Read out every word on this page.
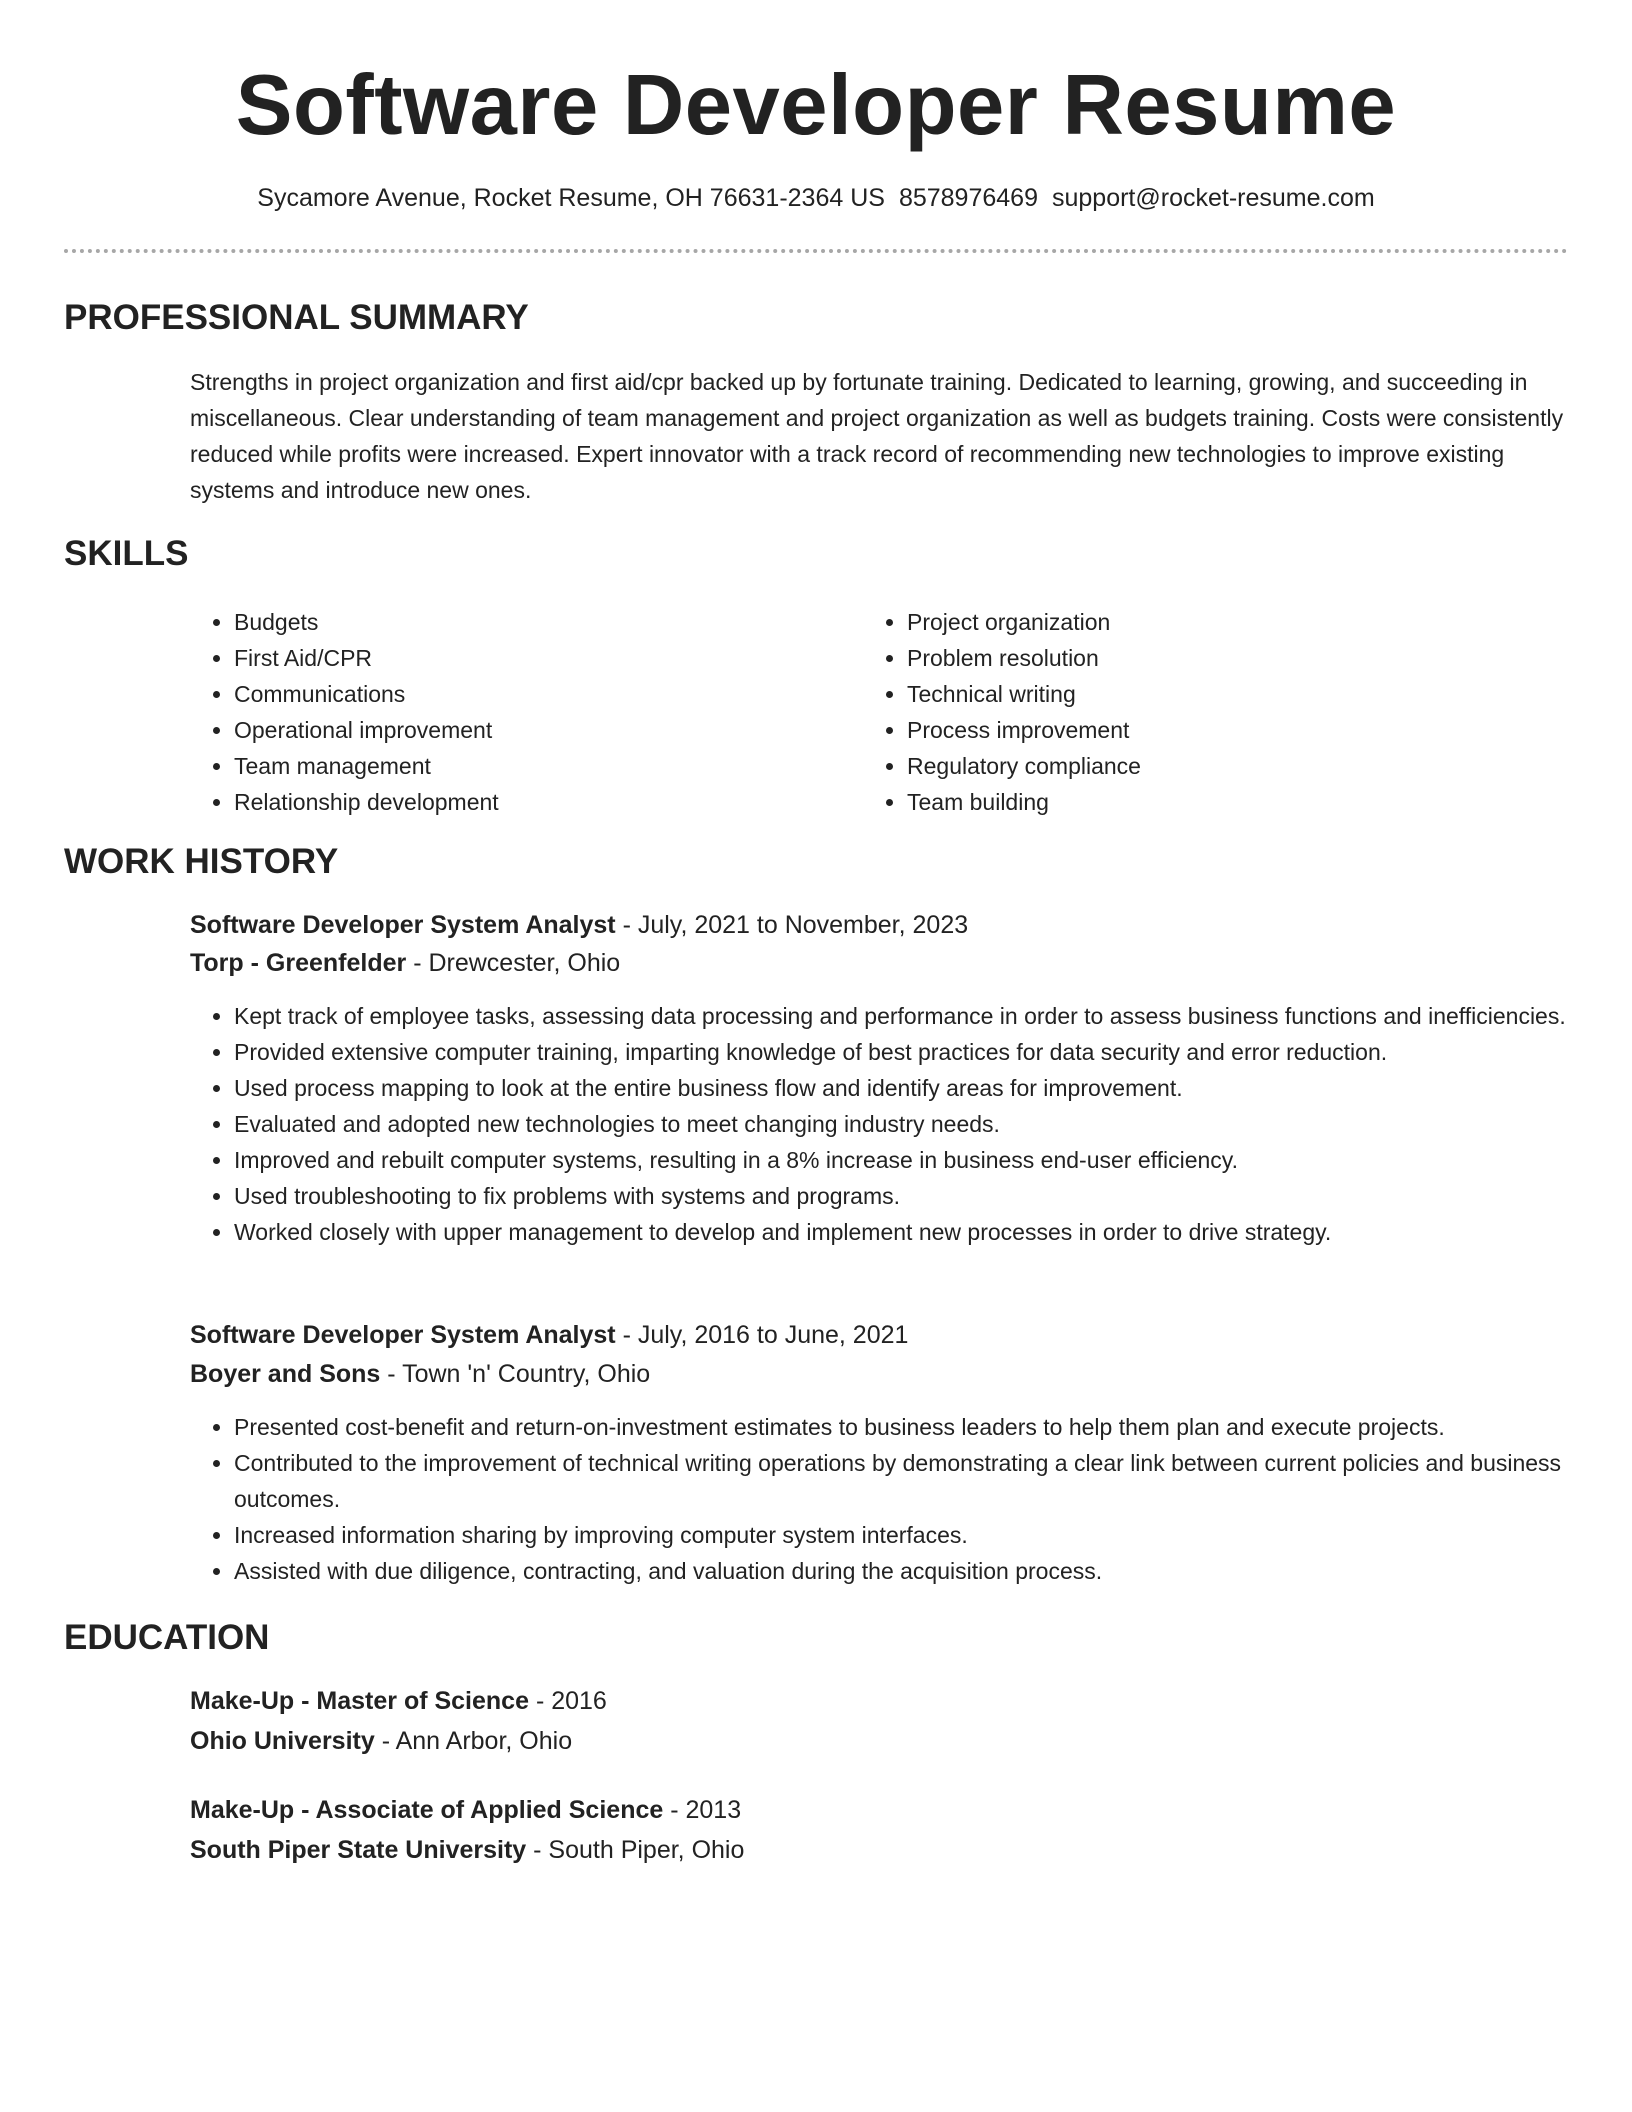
Software Developer Resume
Sycamore Avenue, Rocket Resume, OH 76631-2364 US 8578976469 support@rocket-resume.com
PROFESSIONAL SUMMARY

Strengths in project organization and first aid/cpr backed up by fortunate training. Dedicated to learning, growing, and succeeding in miscellaneous. Clear understanding of team management and project organization as well as budgets training. Costs were consistently reduced while profits were increased. Expert innovator with a track record of recommending new technologies to improve existing systems and introduce new ones.

SKILLS
• Budgets
• First Aid/CPR
• Communications
• Operational improvement
• Team management
• Relationship development
• Project organization
• Problem resolution
• Technical writing
• Process improvement
• Regulatory compliance
• Team building
WORK HISTORY
Software Developer System Analyst - July, 2021 to November, 2023
Torp - Greenfelder - Drewcester, Ohio
• Kept track of employee tasks, assessing data processing and performance in order to assess business functions and inefficiencies.
• Provided extensive computer training, imparting knowledge of best practices for data security and error reduction.
• Used process mapping to look at the entire business flow and identify areas for improvement.
• Evaluated and adopted new technologies to meet changing industry needs.
• Improved and rebuilt computer systems, resulting in a 8% increase in business end-user efficiency.
• Used troubleshooting to fix problems with systems and programs.
• Worked closely with upper management to develop and implement new processes in order to drive strategy.
Software Developer System Analyst - July, 2016 to June, 2021
Boyer and Sons - Town 'n' Country, Ohio
• Presented cost-benefit and return-on-investment estimates to business leaders to help them plan and execute projects.
• Contributed to the improvement of technical writing operations by demonstrating a clear link between current policies and business outcomes.
• Increased information sharing by improving computer system interfaces.
• Assisted with due diligence, contracting, and valuation during the acquisition process.
EDUCATION
Make-Up - Master of Science - 2016
Ohio University - Ann Arbor, Ohio
Make-Up - Associate of Applied Science - 2013
South Piper State University - South Piper, Ohio
